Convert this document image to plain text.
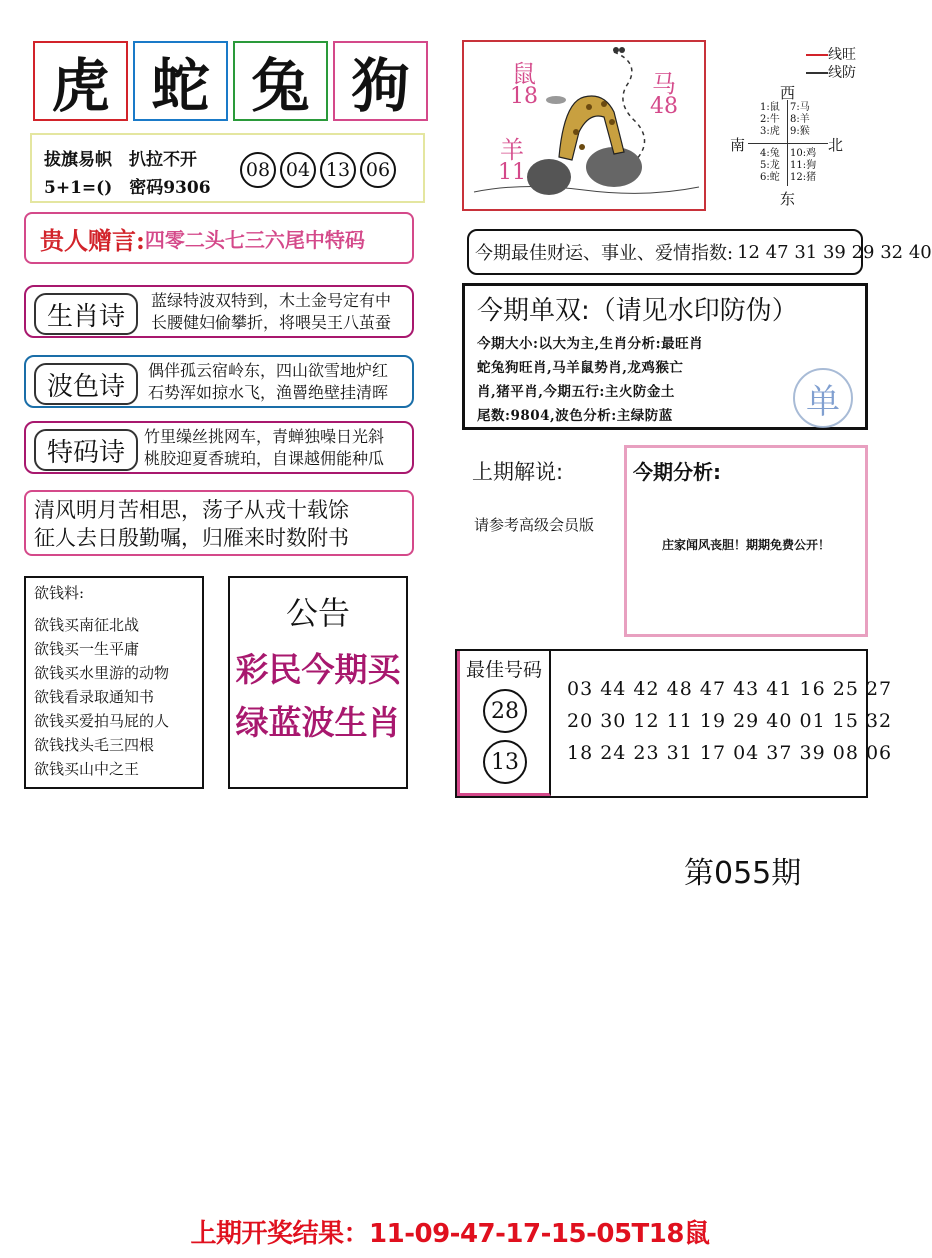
虎 蛇 兔 狗
拔旗易帜　扒拉不开
5+1=()　密码9306
08 04 13 06
贵人赠言: 四零二头七三六尾中特码
生肖诗
蓝绿特波双特到，木土金号定有中
长腰健妇偷攀折，将喂吴王八茧蚕
波色诗
偶伴孤云宿岭东，四山欲雪地炉红
石势浑如掠水飞，渔罾绝壁挂清晖
特码诗
竹里缲丝挑网车，青蝉独噪日光斜
桃胶迎夏香琥珀，自课越佣能种瓜
清风明月苦相思，荡子从戎十载馀
征人去日殷勤嘱，归雁来时数附书
欲钱料:
欲钱买南征北战
欲钱买一生平庸
欲钱买水里游的动物
欲钱看录取通知书
欲钱买爱拍马屁的人
欲钱找头毛三四根
欲钱买山中之王
公告
彩民今期买
绿蓝波生肖
鼠
18
羊
11
马
48
线旺
线防
西
南	北
东
1:鼠
2:牛
3:虎
7:马
8:羊
9:猴
4:兔
5:龙
6:蛇
10:鸡
11:狗
12:猪
今期最佳财运、事业、爱情指数: 12 47 31 39 29 32 40
今期单双:（请见水印防伪）
今期大小:以大为主,生肖分析:最旺肖
蛇兔狗旺肖,马羊鼠势肖,龙鸡猴亡
肖,猪平肖,今期五行:主火防金土
尾数:9804,波色分析:主绿防蓝	单
上期解说:
请参考高级会员版
今期分析:
庄家闻风丧胆！期期免费公开！
最佳号码
28
13
03 44 42 48 47 43 41 16 25 27
20 30 12 11 19 29 40 01 15 32
18 24 23 31 17 04 37 39 08 06
第055期
上期开奖结果：11-09-47-17-15-05T18鼠
